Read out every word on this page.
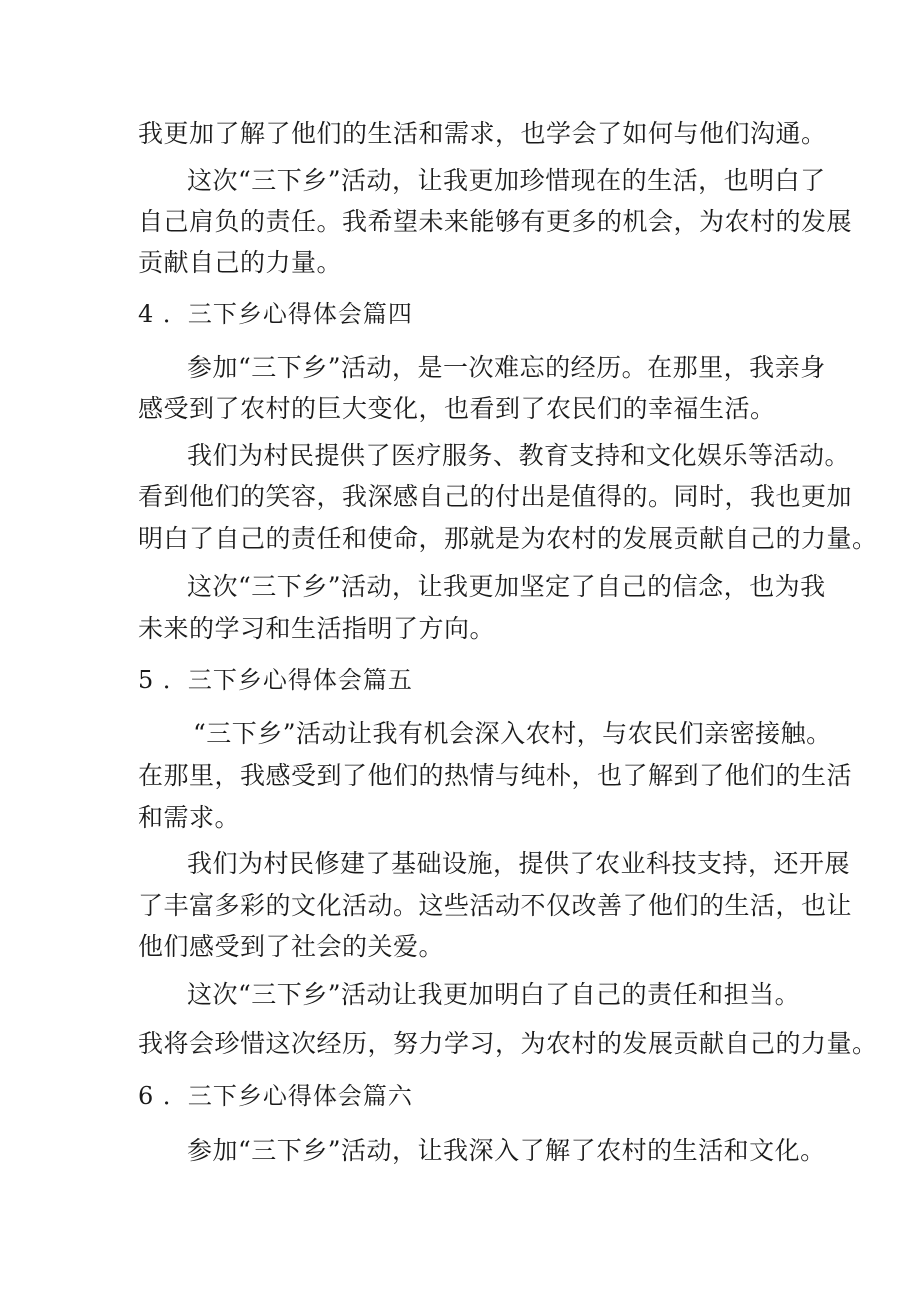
我更加了解了他们的生活和需求，也学会了如何与他们沟通。
这次“三下乡”活动，让我更加珍惜现在的生活，也明白了
自己肩负的责任。我希望未来能够有更多的机会，为农村的发展
贡献自己的力量。
4 ．三下乡心得体会篇四
参加“三下乡”活动，是一次难忘的经历。在那里，我亲身
感受到了农村的巨大变化，也看到了农民们的幸福生活。
我们为村民提供了医疗服务、教育支持和文化娱乐等活动。
看到他们的笑容，我深感自己的付出是值得的。同时，我也更加
明白了自己的责任和使命，那就是为农村的发展贡献自己的力量。
这次“三下乡”活动，让我更加坚定了自己的信念，也为我
未来的学习和生活指明了方向。
5 ．三下乡心得体会篇五
“三下乡”活动让我有机会深入农村，与农民们亲密接触。
在那里，我感受到了他们的热情与纯朴，也了解到了他们的生活
和需求。
我们为村民修建了基础设施，提供了农业科技支持，还开展
了丰富多彩的文化活动。这些活动不仅改善了他们的生活，也让
他们感受到了社会的关爱。
这次“三下乡”活动让我更加明白了自己的责任和担当。
我将会珍惜这次经历，努力学习，为农村的发展贡献自己的力量。
6 ．三下乡心得体会篇六
参加“三下乡”活动，让我深入了解了农村的生活和文化。
